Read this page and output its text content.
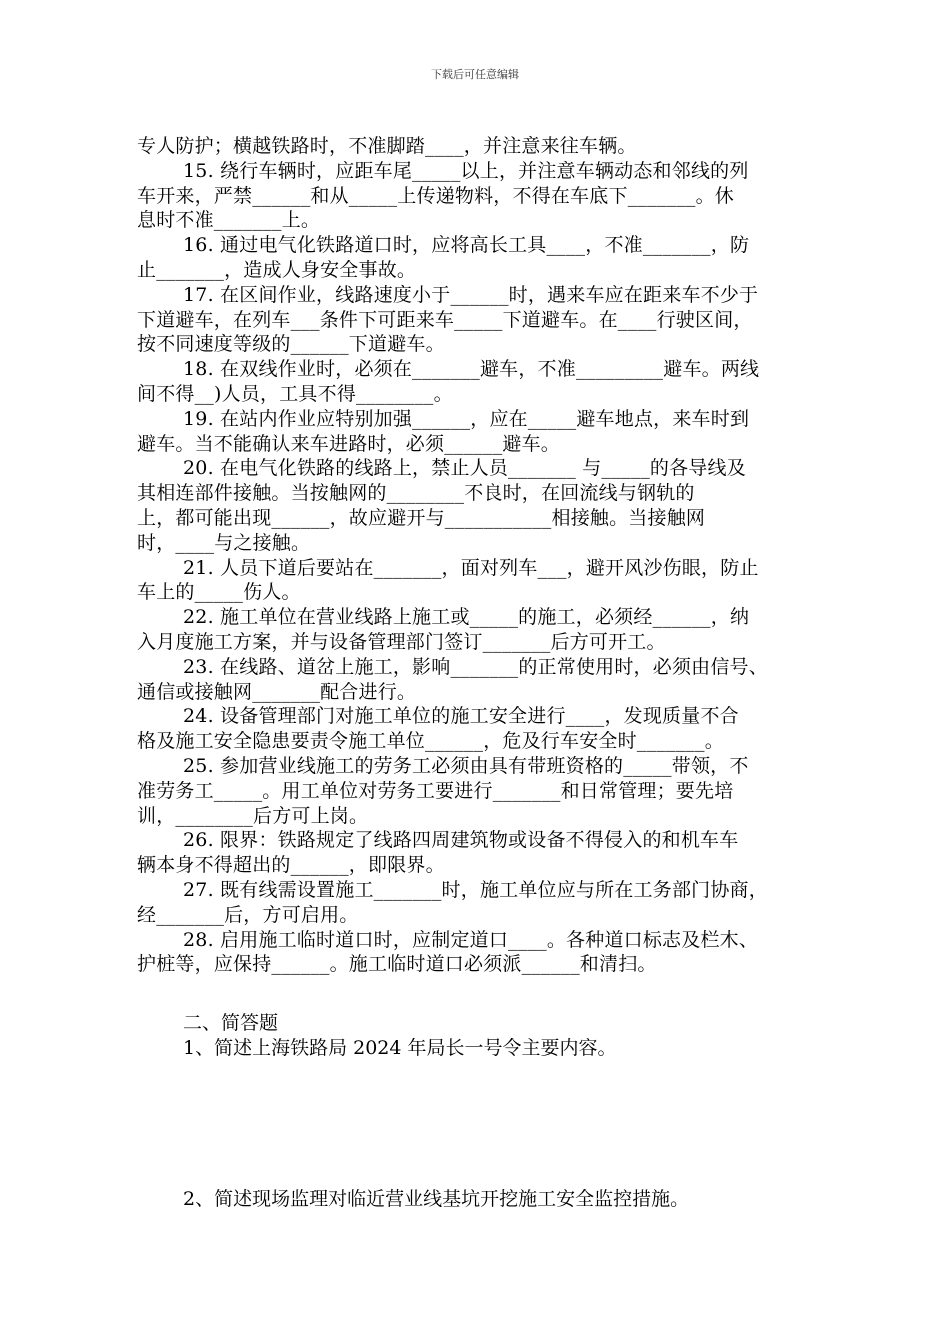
下载后可任意编辑
专人防护；横越铁路时，不准脚踏____，并注意来往车辆。
15. 绕行车辆时，应距车尾_____以上，并注意车辆动态和邻线的列
车开来，严禁______和从_____上传递物料，不得在车底下_______。休
息时不准_______上。
16. 通过电气化铁路道口时，应将高长工具____，不准_______，防
止_______，造成人身安全事故。
17. 在区间作业，线路速度小于______时，遇来车应在距来车不少于
下道避车，在列车___条件下可距来车_____下道避车。在____行驶区间，
按不同速度等级的______下道避车。
18. 在双线作业时，必须在_______避车，不准_________避车。两线
间不得__)人员，工具不得________。
19. 在站内作业应特别加强______，应在_____避车地点，来车时到
避车。当不能确认来车进路时，必须______避车。
20. 在电气化铁路的线路上，禁止人员_______ 与_____的各导线及
其相连部件接触。当按触网的________不良时，在回流线与钢轨的
上，都可能出现______，故应避开与___________相接触。当接触网
时，____与之接触。
21. 人员下道后要站在_______，面对列车___，避开风沙伤眼，防止
车上的_____伤人。
22. 施工单位在营业线路上施工或_____的施工，必须经______，纳
入月度施工方案，并与设备管理部门签订_______后方可开工。
23. 在线路、道岔上施工，影响_______的正常使用时，必须由信号、
通信或接触网_______配合进行。
24. 设备管理部门对施工单位的施工安全进行____，发现质量不合
格及施工安全隐患要责令施工单位______，危及行车安全时_______。
25. 参加营业线施工的劳务工必须由具有带班资格的_____带领，不
准劳务工_____。用工单位对劳务工要进行_______和日常管理；要先培
训，________后方可上岗。
26. 限界：铁路规定了线路四周建筑物或设备不得侵入的和机车车
辆本身不得超出的______，即限界。
27. 既有线需设置施工_______时，施工单位应与所在工务部门协商，
经_______后，方可启用。
28. 启用施工临时道口时，应制定道口____。各种道口标志及栏木、
护桩等，应保持______。施工临时道口必须派______和清扫。
二、简答题
1、简述上海铁路局 2024 年局长一号令主要内容。
2、简述现场监理对临近营业线基坑开挖施工安全监控措施。
